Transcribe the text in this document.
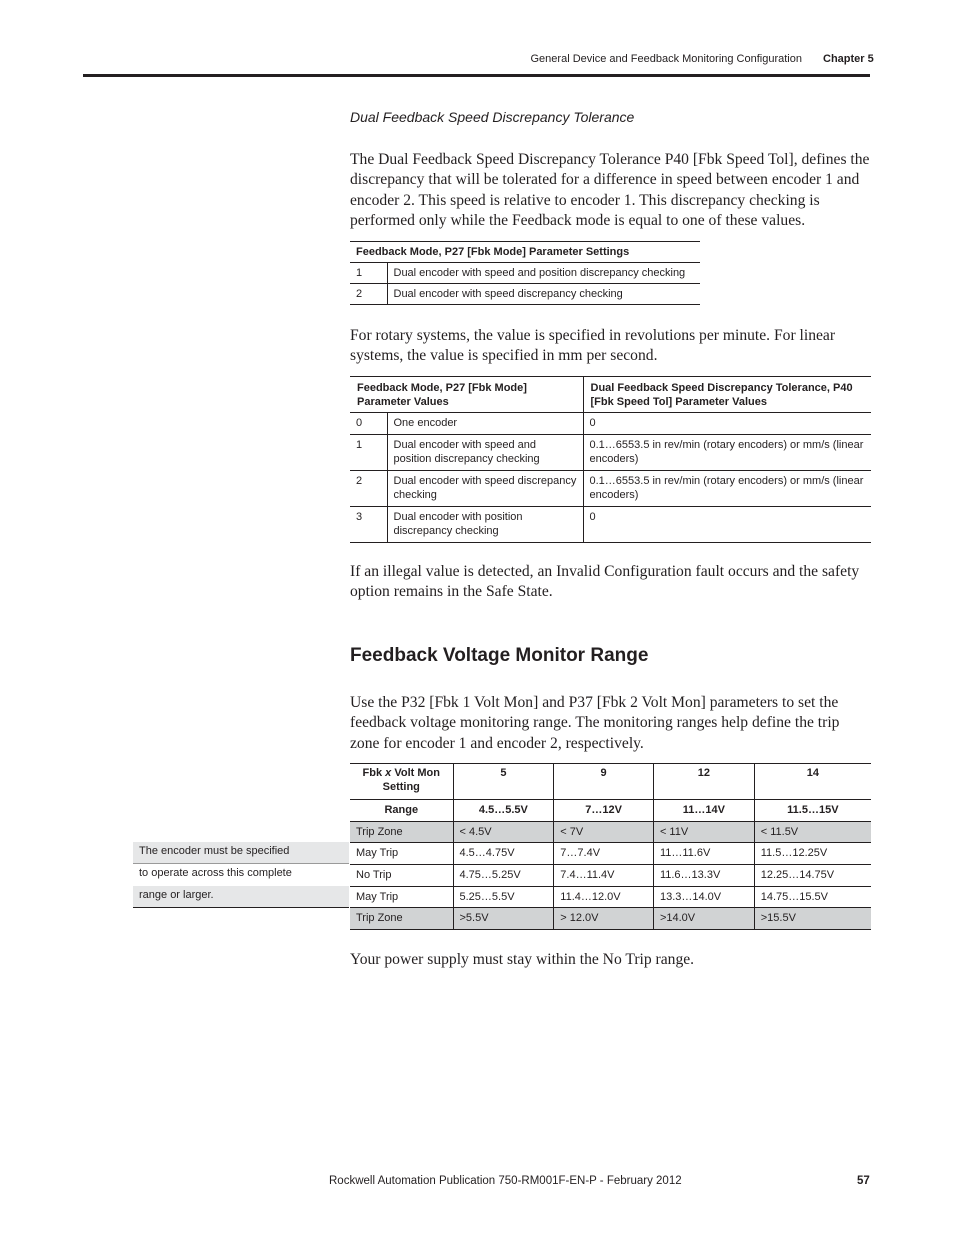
General Device and Feedback Monitoring Configuration Chapter 5
Dual Feedback Speed Discrepancy Tolerance
The Dual Feedback Speed Discrepancy Tolerance P40 [Fbk Speed Tol], defines the discrepancy that will be tolerated for a difference in speed between encoder 1 and encoder 2. This speed is relative to encoder 1. This discrepancy checking is performed only while the Feedback mode is equal to one of these values.
Feedback Mode, P27 [Fbk Mode] Parameter Settings	
1	Dual encoder with speed and position discrepancy checking
2	Dual encoder with speed discrepancy checking
For rotary systems, the value is specified in revolutions per minute. For linear systems, the value is specified in mm per second.
Feedback Mode, P27 [Fbk Mode] Parameter Values		Dual Feedback Speed Discrepancy Tolerance, P40 [Fbk Speed Tol] Parameter Values
0	One encoder	0
1	Dual encoder with speed and position discrepancy checking	0.1…6553.5 in rev/min (rotary encoders) or mm/s (linear encoders)
2	Dual encoder with speed discrepancy checking	0.1…6553.5 in rev/min (rotary encoders) or mm/s (linear encoders)
3	Dual encoder with position discrepancy checking	0
If an illegal value is detected, an Invalid Configuration fault occurs and the safety option remains in the Safe State.
Feedback Voltage Monitor Range
Use the P32 [Fbk 1 Volt Mon] and P37 [Fbk 2 Volt Mon] parameters to set the feedback voltage monitoring range. The monitoring ranges help define the trip zone for encoder 1 and encoder 2, respectively.
The encoder must be specified
to operate across this complete
range or larger.
Fbk x Volt Mon Setting	5	9	12	14
Range	4.5…5.5V	7…12V	11…14V	11.5…15V
Trip Zone	< 4.5V	< 7V	< 11V	< 11.5V
May Trip	4.5…4.75V	7…7.4V	11…11.6V	11.5…12.25V
No Trip	4.75…5.25V	7.4…11.4V	11.6…13.3V	12.25…14.75V
May Trip	5.25…5.5V	11.4…12.0V	13.3…14.0V	14.75…15.5V
Trip Zone	>5.5V	> 12.0V	>14.0V	>15.5V
Your power supply must stay within the No Trip range.
Rockwell Automation Publication 750-RM001F-EN-P - February 2012	57
